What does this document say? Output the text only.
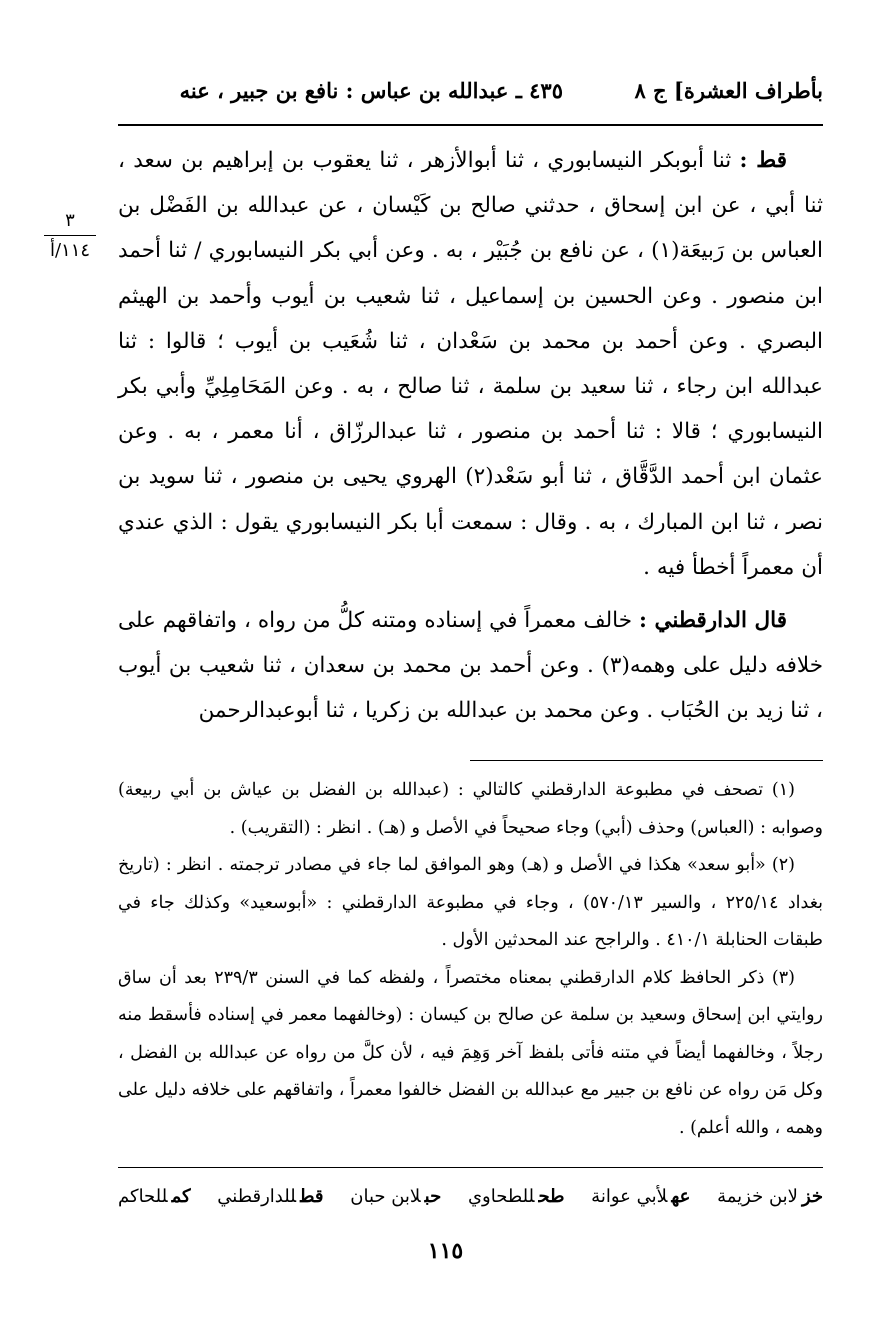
بأطراف العشرة] ج ٨
٤٣٥ ـ عبدالله بن عباس : نافع بن جبير ، عنه
٣
١١٤/أ

قط : ثنا أبوبكر النيسابوري ، ثنا أبوالأزهر ، ثنا يعقوب بن إبراهيم بن سعد ، ثنا أبي ، عن ابن إسحاق ، حدثني صالح بن كَيْسان ، عن عبدالله بن الفَضْل بن العباس بن رَبيعَة(١) ، عن نافع بن جُبَيْر ، به . وعن أبي بكر النيسابوري / ثنا أحمد ابن منصور . وعن الحسين بن إسماعيل ، ثنا شعيب بن أيوب وأحمد بن الهيثم البصري . وعن أحمد بن محمد بن سَعْدان ، ثنا شُعَيب بن أيوب ؛ قالوا : ثنا عبدالله ابن رجاء ، ثنا سعيد بن سلمة ، ثنا صالح ، به . وعن المَحَامِلِيِّ وأبي بكر النيسابوري ؛ قالا : ثنا أحمد بن منصور ، ثنا عبدالرزّاق ، أنا معمر ، به . وعن عثمان ابن أحمد الدَّقَّاق ، ثنا أبو سَعْد(٢) الهروي يحيى بن منصور ، ثنا سويد بن نصر ، ثنا ابن المبارك ، به . وقال : سمعت أبا بكر النيسابوري يقول : الذي عندي أن معمراً أخطأ فيه .

قال الدارقطني : خالف معمراً في إسناده ومتنه كلُّ من رواه ، واتفاقهم على خلافه دليل على وهمه(٣) . وعن أحمد بن محمد بن سعدان ، ثنا شعيب بن أيوب ، ثنا زيد بن الحُبَاب . وعن محمد بن عبدالله بن زكريا ، ثنا أبوعبدالرحمن

(١) تصحف في مطبوعة الدارقطني كالتالي : (عبدالله بن الفضل بن عياش بن أبي ربيعة) وصوابه : (العباس) وحذف (أبي) وجاء صحيحاً في الأصل و (هـ) . انظر : (التقريب) .

(٢) «أبو سعد» هكذا في الأصل و (هـ) وهو الموافق لما جاء في مصادر ترجمته . انظر : (تاريخ بغداد ٢٢٥/١٤ ، والسير ٥٧٠/١٣) ، وجاء في مطبوعة الدارقطني : «أبوسعيد» وكذلك جاء في طبقات الحنابلة ٤١٠/١ . والراجح عند المحدثين الأول .

(٣) ذكر الحافظ كلام الدارقطني بمعناه مختصراً ، ولفظه كما في السنن ٢٣٩/٣ بعد أن ساق روايتي ابن إسحاق وسعيد بن سلمة عن صالح بن كيسان : (وخالفهما معمر في إسناده فأسقط منه رجلاً ، وخالفهما أيضاً في متنه فأتى بلفظ آخر وَهِمَ فيه ، لأن كلَّ من رواه عن عبدالله بن الفضل ، وكل مَن رواه عن نافع بن جبير مع عبدالله بن الفضل خالفوا معمراً ، واتفاقهم على خلافه دليل على وهمه ، والله أعلم) .

خزلابن خزيمة
عهلأبي عوانة
طحللطحاوي
حبلابن حبان
قطللدارقطني
كمللحاكم
١١٥
